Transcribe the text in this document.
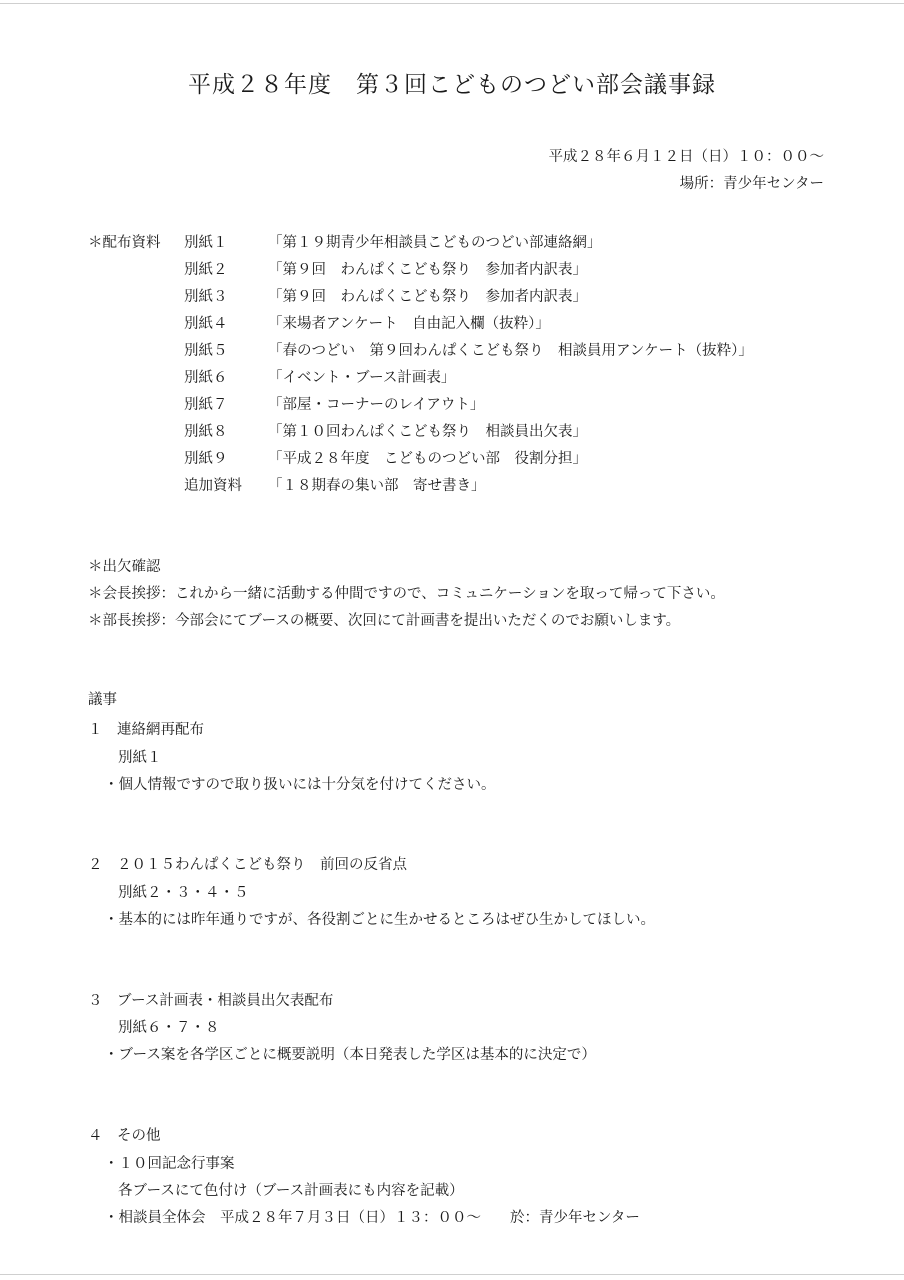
平成２８年度　第３回こどものつどい部会議事録
平成２８年６月１２日（日）１０：００～
場所：青少年センター
＊配布資料 別紙１	「第１９期青少年相談員こどものつどい部連絡網」
別紙２	「第９回　わんぱくこども祭り　参加者内訳表」
別紙３	「第９回　わんぱくこども祭り　参加者内訳表」
別紙４	「来場者アンケート　自由記入欄（抜粋）」
別紙５	「春のつどい　第９回わんぱくこども祭り　相談員用アンケート（抜粋）」
別紙６	「イベント・ブース計画表」
別紙７	「部屋・コーナーのレイアウト」
別紙８	「第１０回わんぱくこども祭り　相談員出欠表」
別紙９	「平成２８年度　こどものつどい部　役割分担」
追加資料 「１８期春の集い部　寄せ書き」
＊出欠確認
＊会長挨拶：これから一緒に活動する仲間ですので、コミュニケーションを取って帰って下さい。
＊部長挨拶：今部会にてブースの概要、次回にて計画書を提出いただくのでお願いします。
議事
１　連絡網再配布
別紙１
・個人情報ですので取り扱いには十分気を付けてください。
２　２０１５わんぱくこども祭り　前回の反省点
別紙２・３・４・５
・基本的には昨年通りですが、各役割ごとに生かせるところはぜひ生かしてほしい。
３　ブース計画表・相談員出欠表配布
別紙６・７・８
・ブース案を各学区ごとに概要説明（本日発表した学区は基本的に決定で）
４　その他
・１０回記念行事案
各ブースにて色付け（ブース計画表にも内容を記載）
・相談員全体会　平成２８年７月３日（日）１３：００～　　於：青少年センター
